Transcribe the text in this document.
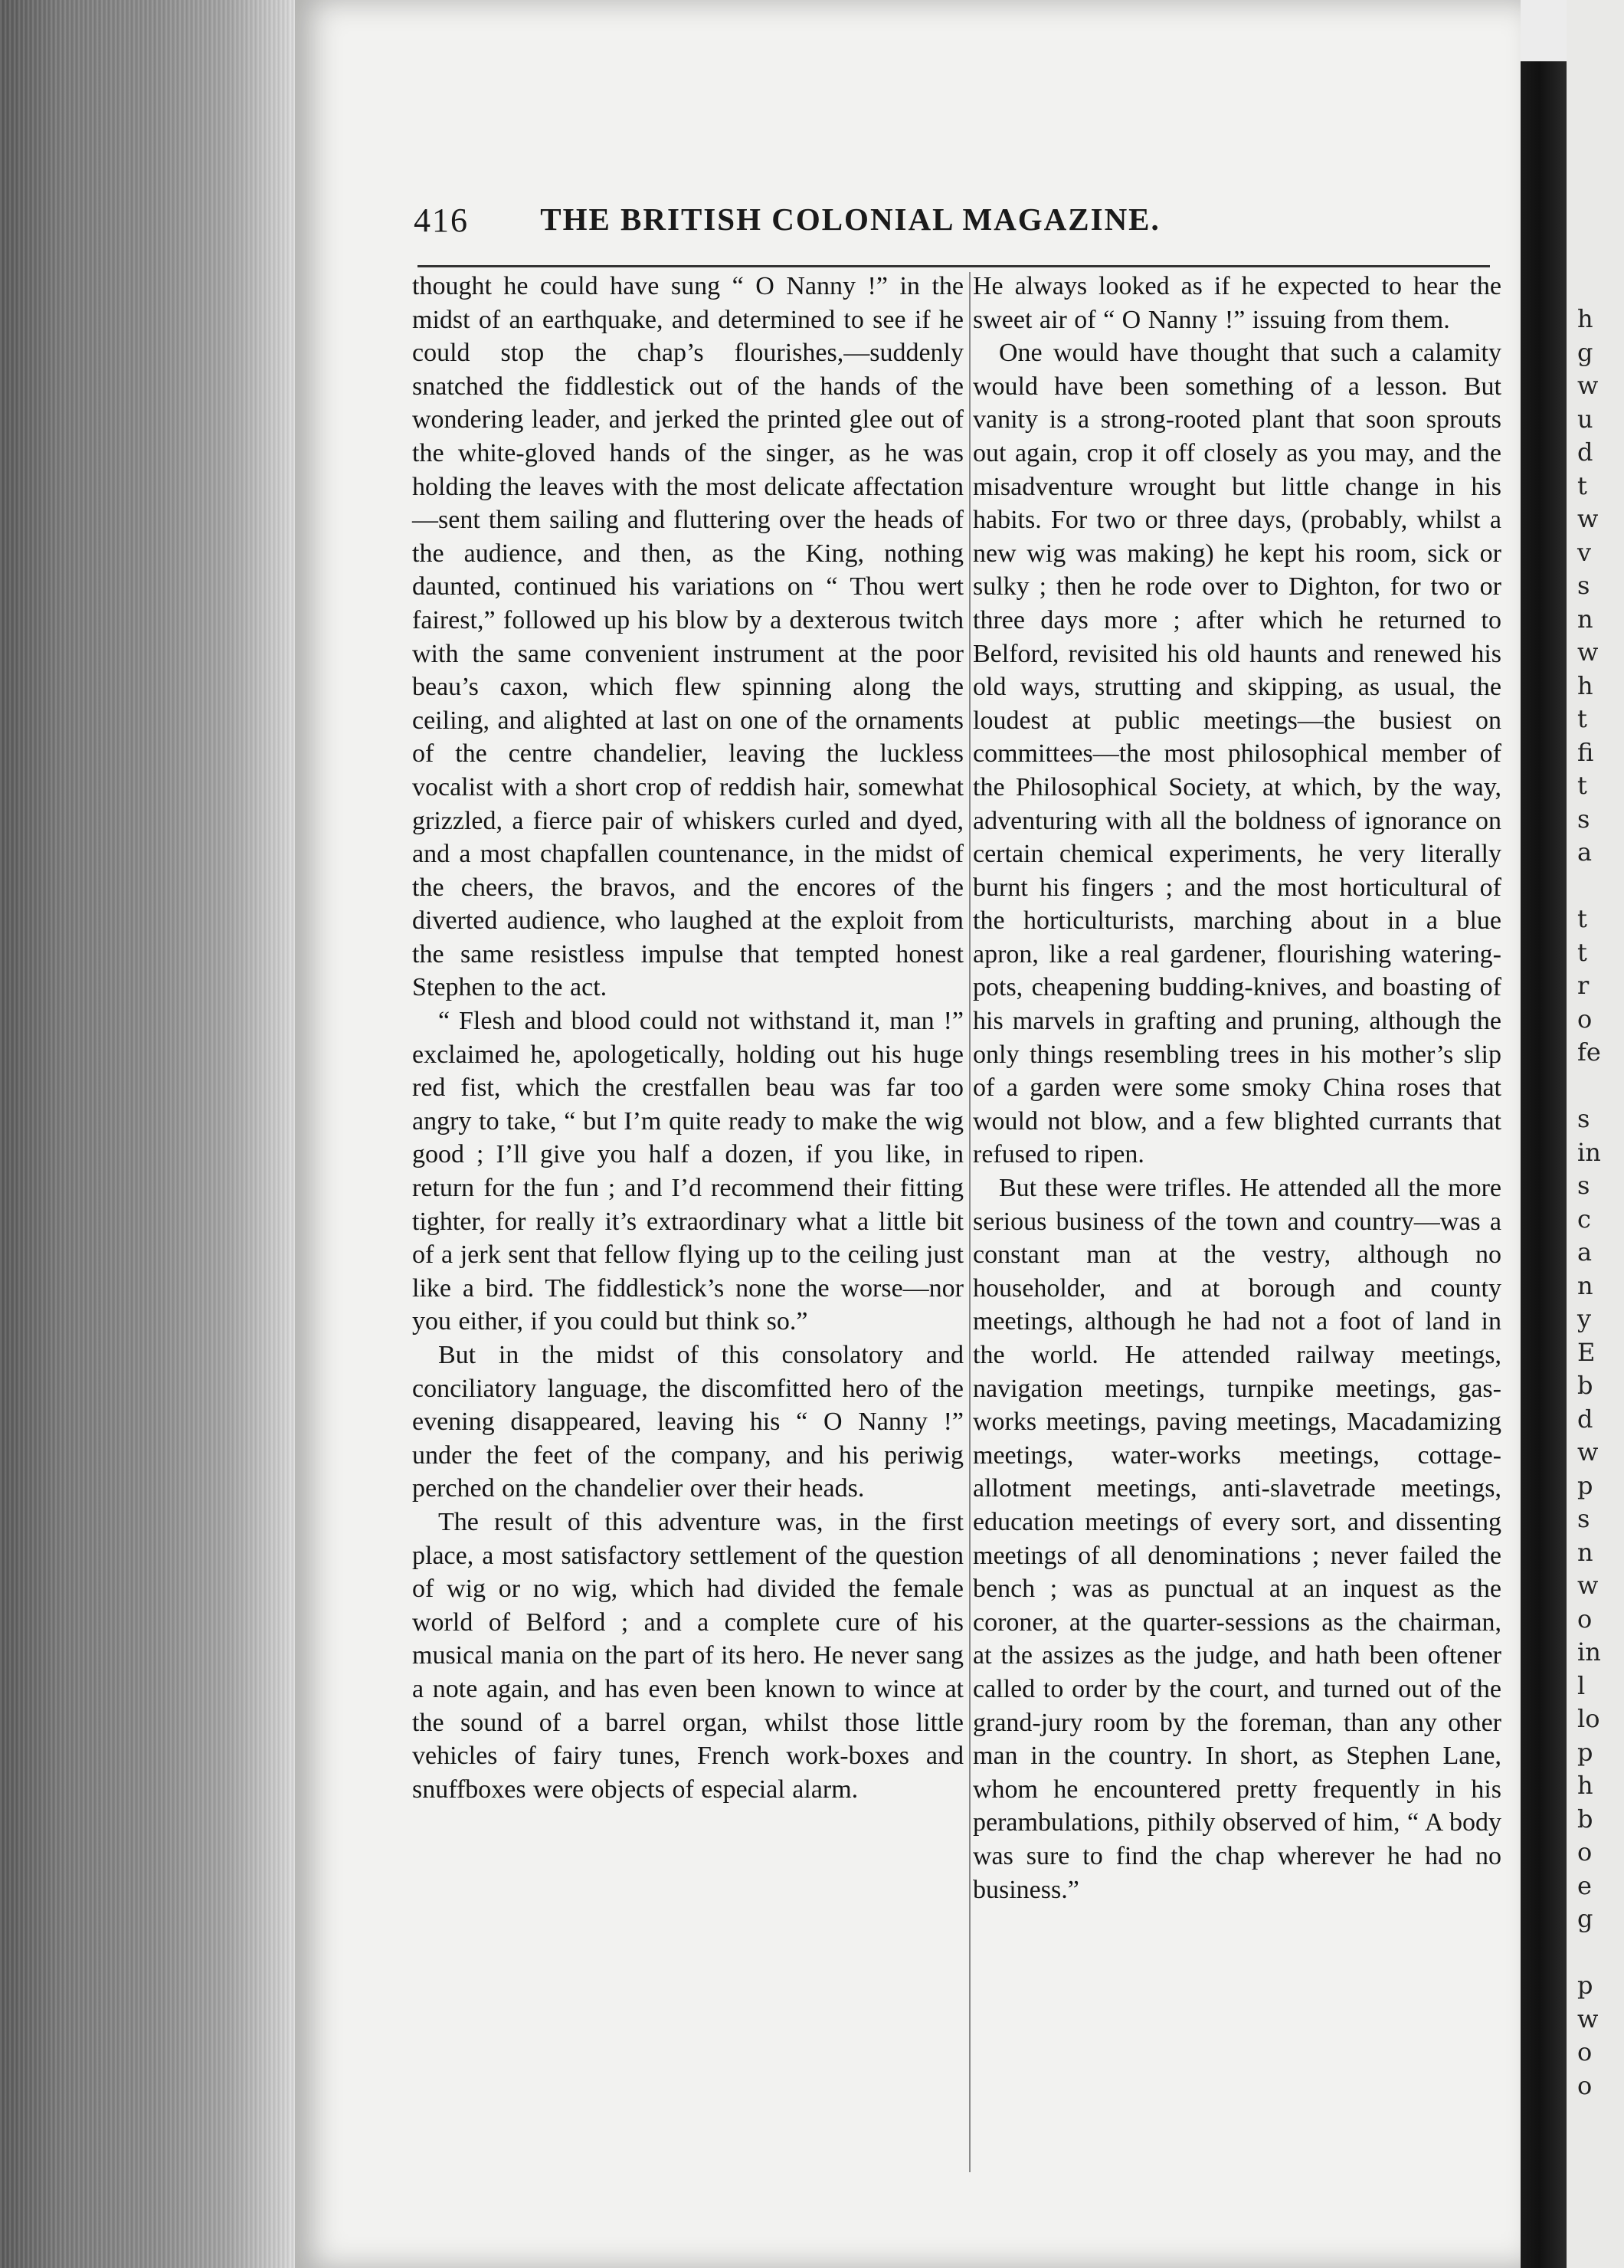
h
g
w
u
d
t
w
v
s
n
w
h
t
fi
t
s
a
t
t
r
o
fe
s
in
s
c
a
n
y
E
b
d
w
p
s
n
w
o
in
l
lo
p
h
b
o
e
g
p
w
o
o
416	THE BRITISH COLONIAL MAGAZINE.

thought he could have sung “ O Nanny !” in the midst of an earthquake, and determined to see if he could stop the chap’s flourishes,—suddenly snatched the fiddlestick out of the hands of the wondering leader, and jerked the printed glee out of the white-gloved hands of the singer, as he was holding the leaves with the most delicate affectation—sent them sailing and fluttering over the heads of the audience, and then, as the King, nothing daunted, continued his variations on “ Thou wert fairest,” followed up his blow by a dexterous twitch with the same convenient instrument at the poor beau’s caxon, which flew spinning along the ceiling, and alighted at last on one of the ornaments of the centre chandelier, leaving the luckless vocalist with a short crop of reddish hair, somewhat grizzled, a fierce pair of whiskers curled and dyed, and a most chapfallen countenance, in the midst of the cheers, the bravos, and the encores of the diverted audience, who laughed at the exploit from the same resistless impulse that tempted honest Stephen to the act.

“ Flesh and blood could not withstand it, man !” exclaimed he, apologetically, holding out his huge red fist, which the crestfallen beau was far too angry to take, “ but I’m quite ready to make the wig good ; I’ll give you half a dozen, if you like, in return for the fun ; and I’d recommend their fitting tighter, for really it’s extraordinary what a little bit of a jerk sent that fellow flying up to the ceiling just like a bird. The fiddlestick’s none the worse—nor you either, if you could but think so.”

But in the midst of this consolatory and conciliatory language, the discomfitted hero of the evening disappeared, leaving his “ O Nanny !” under the feet of the company, and his periwig perched on the chandelier over their heads.

The result of this adventure was, in the first place, a most satisfactory settlement of the question of wig or no wig, which had divided the female world of Belford ; and a complete cure of his musical mania on the part of its hero. He never sang a note again, and has even been known to wince at the sound of a barrel organ, whilst those little vehicles of fairy tunes, French work-boxes and snuffboxes were objects of especial alarm.

He always looked as if he expected to hear the sweet air of “ O Nanny !” issuing from them.

One would have thought that such a calamity would have been something of a lesson. But vanity is a strong-rooted plant that soon sprouts out again, crop it off closely as you may, and the misadventure wrought but little change in his habits. For two or three days, (probably, whilst a new wig was making) he kept his room, sick or sulky ; then he rode over to Dighton, for two or three days more ; after which he returned to Belford, revisited his old haunts and renewed his old ways, strutting and skipping, as usual, the loudest at public meetings—the busiest on committees—the most philosophical member of the Philosophical Society, at which, by the way, adventuring with all the boldness of ignorance on certain chemical experiments, he very literally burnt his fingers ; and the most horticultural of the horticulturists, marching about in a blue apron, like a real gardener, flourishing watering-pots, cheapening budding-knives, and boasting of his marvels in grafting and pruning, although the only things resembling trees in his mother’s slip of a garden were some smoky China roses that would not blow, and a few blighted currants that refused to ripen.

But these were trifles. He attended all the more serious business of the town and country—was a constant man at the vestry, although no householder, and at borough and county meetings, although he had not a foot of land in the world. He attended railway meetings, navigation meetings, turnpike meetings, gas-works meetings, paving meetings, Macadamizing meetings, water-works meetings, cottage-allotment meetings, anti-slavetrade meetings, education meetings of every sort, and dissenting meetings of all denominations ; never failed the bench ; was as punctual at an inquest as the coroner, at the quarter-sessions as the chairman, at the assizes as the judge, and hath been oftener called to order by the court, and turned out of the grand-jury room by the foreman, than any other man in the country. In short, as Stephen Lane, whom he encountered pretty frequently in his perambulations, pithily observed of him, “ A body was sure to find the chap wherever he had no business.”
